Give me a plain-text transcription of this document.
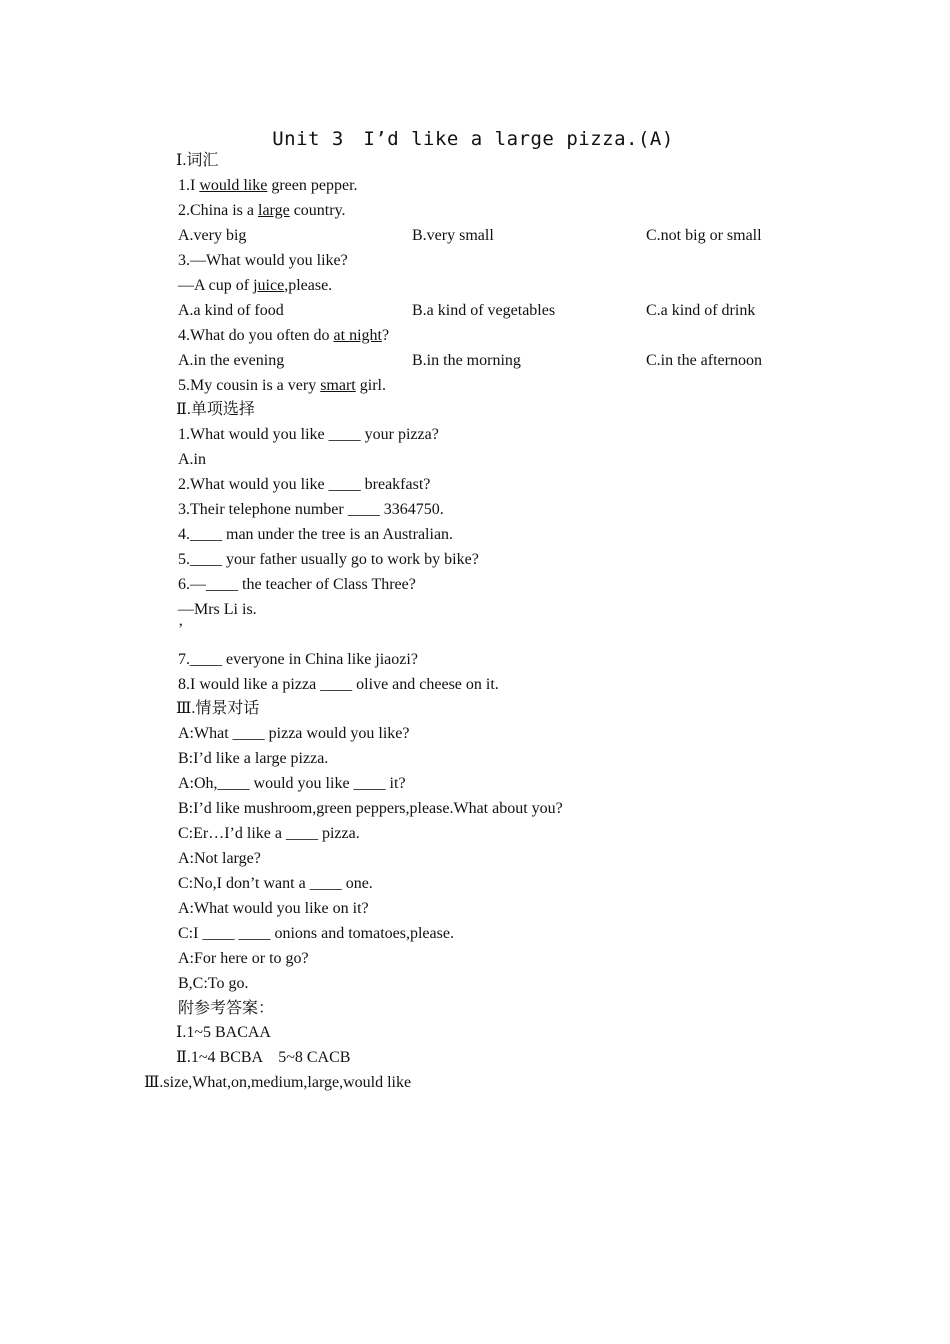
Unit 3　I’d like a large pizza.(A)
Ⅰ.词汇
1.I would like green pepper.
2.China is a large country.
A.very big	B.very small	C.not big or small
3.—What would you like?
—A cup of juice,please.
A.a kind of food	B.a kind of vegetables	C.a kind of drink
4.What do you often do at night?
A.in the evening	B.in the morning	C.in the afternoon
5.My cousin is a very smart girl.
Ⅱ.单项选择
1.What would you like ____ your pizza?
A.in
2.What would you like ____ breakfast?
3.Their telephone number ____ 3364750.
4.____ man under the tree is an Australian.
5.____ your father usually go to work by bike?
6.—____ the teacher of Class Three?
—Mrs Li is.
’
7.____ everyone in China like jiaozi?
8.I would like a pizza ____ olive and cheese on it.
Ⅲ.情景对话
A:What ____ pizza would you like?
B:I’d like a large pizza.
A:Oh,____ would you like ____ it?
B:I’d like mushroom,green peppers,please.What about you?
C:Er…I’d like a ____ pizza.
A:Not large?
C:No,I don’t want a ____ one.
A:What would you like on it?
C:I ____ ____ onions and tomatoes,please.
A:For here or to go?
B,C:To go.
附参考答案：
Ⅰ.1~5 BACAA
Ⅱ.1~4 BCBA　5~8 CACB
Ⅲ.size,What,on,medium,large,would like
